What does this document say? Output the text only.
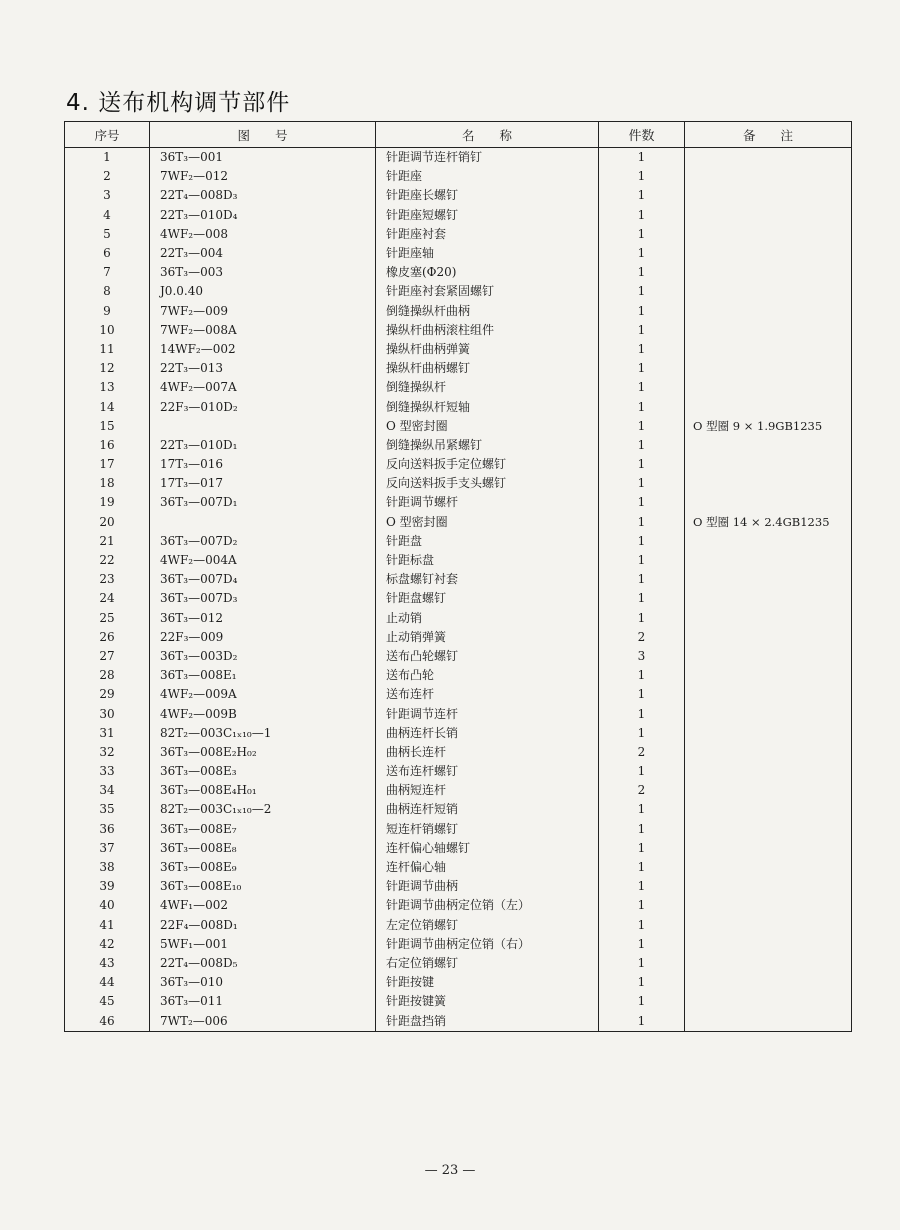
4. 送布机构调节部件
序号	图　　号	名　　称	件数	备　　注
1	36T₃—001	针距调节连杆销钉	1	
2	7WF₂—012	针距座	1	
3	22T₄—008D₃	针距座长螺钉	1	
4	22T₃—010D₄	针距座短螺钉	1	
5	4WF₂—008	针距座衬套	1	
6	22T₃—004	针距座轴	1	
7	36T₃—003	橡皮塞(Φ20)	1	
8	J0.0.40	针距座衬套紧固螺钉	1	
9	7WF₂—009	倒缝操纵杆曲柄	1	
10	7WF₂—008A	操纵杆曲柄滚柱组件	1	
11	14WF₂—002	操纵杆曲柄弹簧	1	
12	22T₃—013	操纵杆曲柄螺钉	1	
13	4WF₂—007A	倒缝操纵杆	1	
14	22F₃—010D₂	倒缝操纵杆短轴	1	
15		O 型密封圈	1	O 型圈 9 × 1.9GB1235
16	22T₃—010D₁	倒缝操纵吊紧螺钉	1	
17	17T₃—016	反向送料扳手定位螺钉	1	
18	17T₃—017	反向送料扳手支头螺钉	1	
19	36T₃—007D₁	针距调节螺杆	1	
20		O 型密封圈	1	O 型圈 14 × 2.4GB1235
21	36T₃—007D₂	针距盘	1	
22	4WF₂—004A	针距标盘	1	
23	36T₃—007D₄	标盘螺钉衬套	1	
24	36T₃—007D₃	针距盘螺钉	1	
25	36T₃—012	止动销	1	
26	22F₃—009	止动销弹簧	2	
27	36T₃—003D₂	送布凸轮螺钉	3	
28	36T₃—008E₁	送布凸轮	1	
29	4WF₂—009A	送布连杆	1	
30	4WF₂—009B	针距调节连杆	1	
31	82T₂—003C₁ₓ₁₀—1	曲柄连杆长销	1	
32	36T₃—008E₂H₀₂	曲柄长连杆	2	
33	36T₃—008E₃	送布连杆螺钉	1	
34	36T₃—008E₄H₀₁	曲柄短连杆	2	
35	82T₂—003C₁ₓ₁₀—2	曲柄连杆短销	1	
36	36T₃—008E₇	短连杆销螺钉	1	
37	36T₃—008E₈	连杆偏心轴螺钉	1	
38	36T₃—008E₉	连杆偏心轴	1	
39	36T₃—008E₁₀	针距调节曲柄	1	
40	4WF₁—002	针距调节曲柄定位销（左）	1	
41	22F₄—008D₁	左定位销螺钉	1	
42	5WF₁—001	针距调节曲柄定位销（右）	1	
43	22T₄—008D₅	右定位销螺钉	1	
44	36T₃—010	针距按键	1	
45	36T₃—011	针距按键簧	1	
46	7WT₂—006	针距盘挡销	1	
— 23 —
